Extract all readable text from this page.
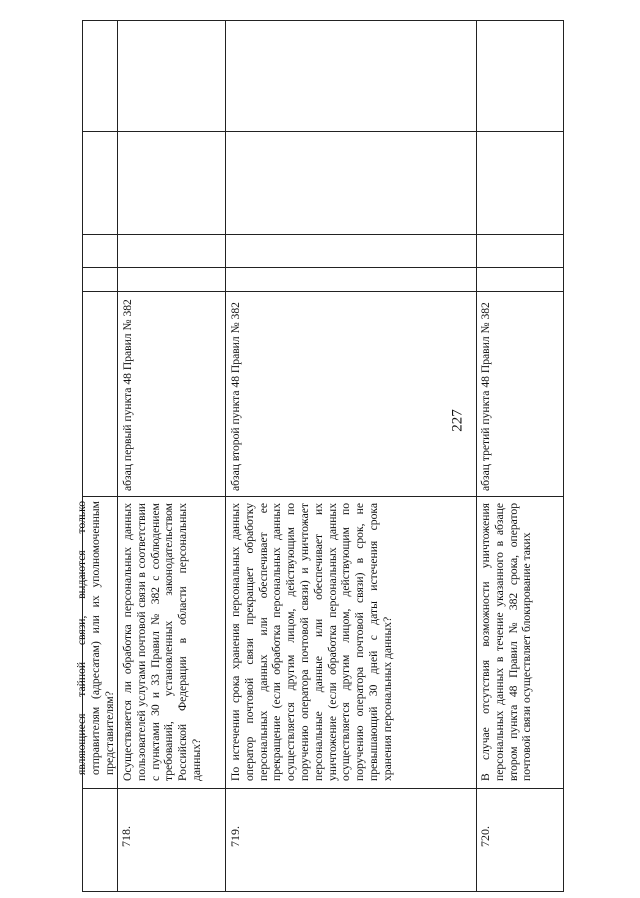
227
являющиеся тайной связи, выдаются только отправителям (адресатам) или их уполномоченным представителям?
718.
Осуществляется ли обработка персональных данных пользователей услугами почтовой связи в соответствии с пунктами 30 и 33 Правил № 382 с соблюдением требований, установленных законодательством Российской Федерации в области персональных данных?
абзац первый пункта 48 Правил № 382
719.
По истечении срока хранения персональных данных оператор почтовой связи прекращает обработку персональных данных или обеспечивает ее прекращение (если обработка персональных данных осуществляется другим лицом, действующим по поручению оператора почтовой связи) и уничтожает персональные данные или обеспечивает их уничтожение (если обработка персональных данных осуществляется другим лицом, действующим по поручению оператора почтовой связи) в срок, не превышающий 30 дней с даты истечения срока хранения персональных данных?
абзац второй пункта 48 Правил № 382
720.
В случае отсутствия возможности уничтожения персональных данных в течение указанного в абзаце втором пункта 48 Правил № 382 срока, оператор почтовой связи осуществляет блокирование таких
абзац третий пункта 48 Правил № 382
